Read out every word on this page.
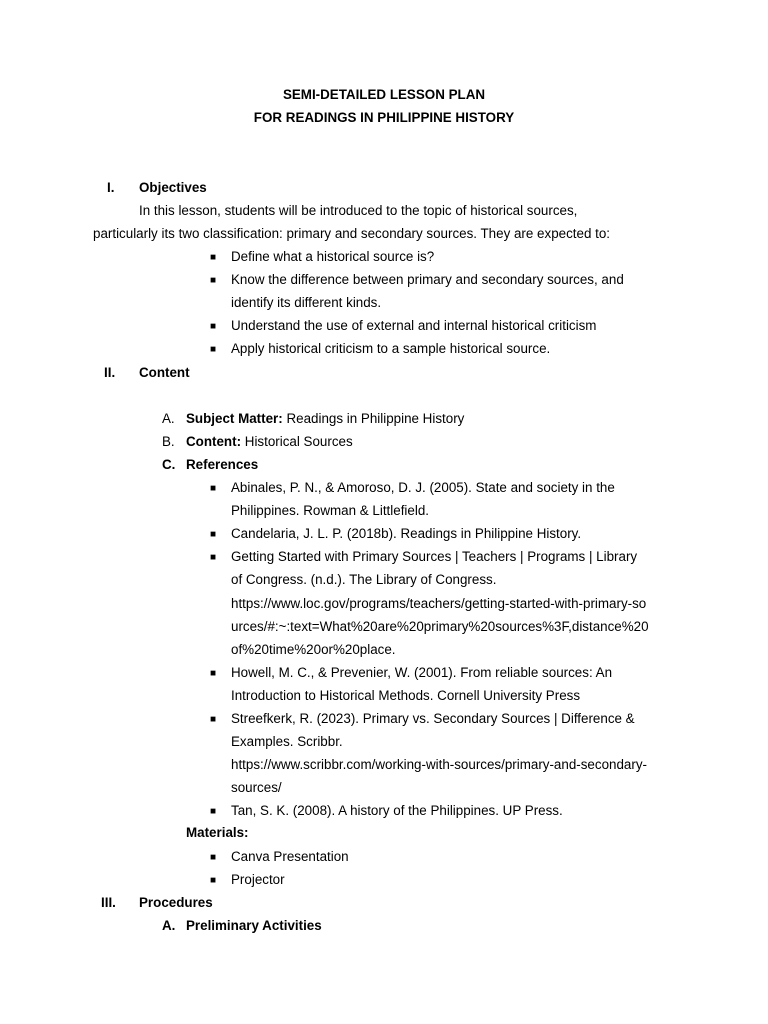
SEMI-DETAILED LESSON PLAN
FOR READINGS IN PHILIPPINE HISTORY
I. Objectives
In this lesson, students will be introduced to the topic of historical sources,
particularly its two classification: primary and secondary sources. They are expected to:
■ Define what a historical source is?
■ Know the difference between primary and secondary sources, and
identify its different kinds.
■ Understand the use of external and internal historical criticism
■ Apply historical criticism to a sample historical source.
II. Content
A. Subject Matter: Readings in Philippine History
B. Content: Historical Sources
C. References
■ Abinales, P. N., & Amoroso, D. J. (2005). State and society in the
Philippines. Rowman & Littlefield.
■ Candelaria, J. L. P. (2018b). Readings in Philippine History.
■ Getting Started with Primary Sources | Teachers | Programs | Library
of Congress. (n.d.). The Library of Congress.
https://www.loc.gov/programs/teachers/getting-started-with-primary-so
urces/#:~:text=What%20are%20primary%20sources%3F,distance%20
of%20time%20or%20place.
■ Howell, M. C., & Prevenier, W. (2001). From reliable sources: An
Introduction to Historical Methods. Cornell University Press
■ Streefkerk, R. (2023). Primary vs. Secondary Sources | Difference &
Examples. Scribbr.
https://www.scribbr.com/working-with-sources/primary-and-secondary-
sources/
■ Tan, S. K. (2008). A history of the Philippines. UP Press.
Materials:
■ Canva Presentation
■ Projector
III. Procedures
A. Preliminary Activities
